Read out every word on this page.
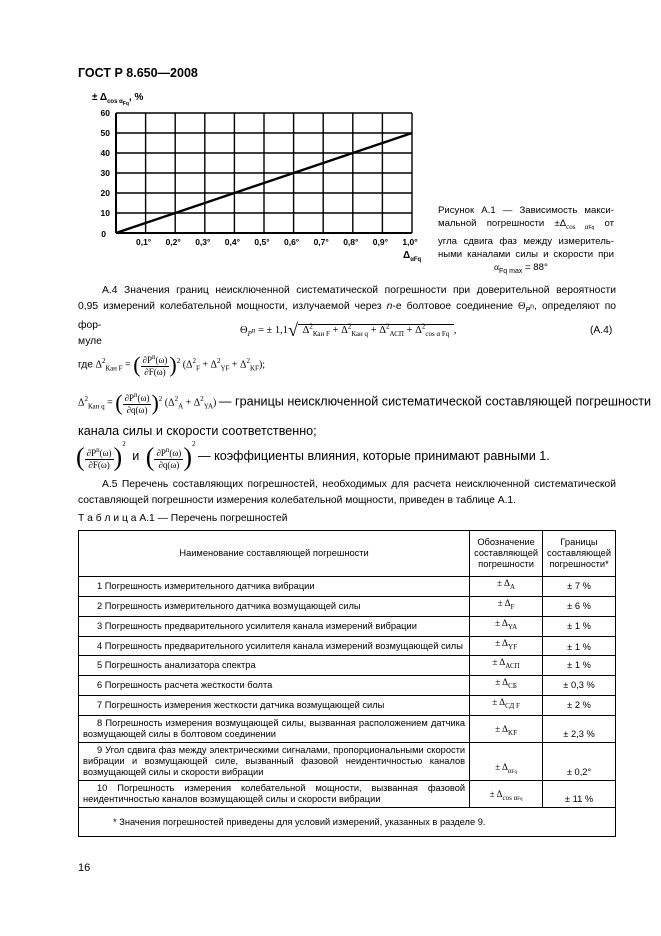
ГОСТ Р 8.650—2008
0,1° 0,2° 0,3° 0,4° 0,5° 0,6° 0,7° 0,8° 0,9° 1,0°
10
20
30
40
50
60
0
± $\Delta_{cos \alpha Fq}$, %
$\Delta_{\alpha Fq}$
Рисунок А.1 — Зависимость макси-
мальной погрешности $\pm\Delta_{cos \alpha Fq}$ от
угла сдвига фаз между измеритель-
ными каналами силы и скорости при
$\alpha_{Fq max} = 88^\circ$
А.4 Значения границ неисключенной систематической погрешности при доверительной вероятности
0,95 измерений колебательной мощности, излучаемой через n-е болтовое соединение $\Theta_{P^n}$, определяют по фор-
муле
$\Theta_{P^n}$ = ± 1,1√ $\Delta^2_{Кан F} + \Delta^2_{Кан q} + \Delta^2_{АСП} + \Delta^2_{cos \alpha Fq}$ ,	(А.4)
где $\Delta^2_{Кан F}$ = ( $\frac{\partial P^n(\omega)}{\partial F(\omega)} )^2$ $(\Delta^2_F + \Delta^2_{YF} + \Delta^2_{KF})$;
$\Delta^2_{Кан q}$ = ( $\frac{\partial P^n(\omega)}{\partial q(\omega)} )^2$ $(\Delta^2_A + \Delta^2_{YA})$ — границы неисключенной систематической составляющей погрешности
канала силы и скорости соответственно;
( $\frac{\partial P^n(\omega)}{\partial F(\omega)} )^2$ и ( $\frac{\partial P^n(\omega)}{\partial q(\omega)} )^2$ — коэффициенты влияния, которые принимают равными 1.
А.5 Перечень составляющих погрешностей, необходимых для расчета неисключенной систематической
составляющей погрешности измерения колебательной мощности, приведен в таблице А.1.
Т а б л и ц а А.1 — Перечень погрешностей
Наименование составляющей погрешности	Обозначение составляющей погрешности	Границы составляющей погрешности*
1 Погрешность измерительного датчика вибрации	± $\Delta_A$	± 7 %
2 Погрешность измерительного датчика возмущающей силы	± $\Delta_F$	± 6 %
3 Погрешность предварительного усилителя канала измерений вибрации	± $\Delta_{YA}$	± 1 %
4 Погрешность предварительного усилителя канала измерений возмущающей силы	± $\Delta_{YF}$	± 1 %
5 Погрешность анализатора спектра	± $\Delta_{АСП}$	± 1 %
6 Погрешность расчета жесткости болта	± $\Delta_{СБ}$	± 0,3 %
7 Погрешность измерения жесткости датчика возмущающей силы	± $\Delta_{СД F}$	± 2 %
8 Погрешность измерения возмущающей силы, вызванная расположением датчика возмущающей силы в болтовом соединении	± $\Delta_{KF}$	± 2,3 %
9 Угол сдвига фаз между электрическими сигналами, пропорциональными скорости вибрации и возмущающей силе, вызванный фазовой неидентичностью каналов возмущающей силы и скорости вибрации	± $\Delta_{\alpha Fq}$	± 0,2°
10 Погрешность измерения колебательной мощности, вызванная фазовой неидентичностью каналов возмущающей силы и скорости вибрации	± $\Delta_{cos \alpha Fq}$	± 11 %
* Значения погрешностей приведены для условий измерений, указанных в разделе 9.		
16
